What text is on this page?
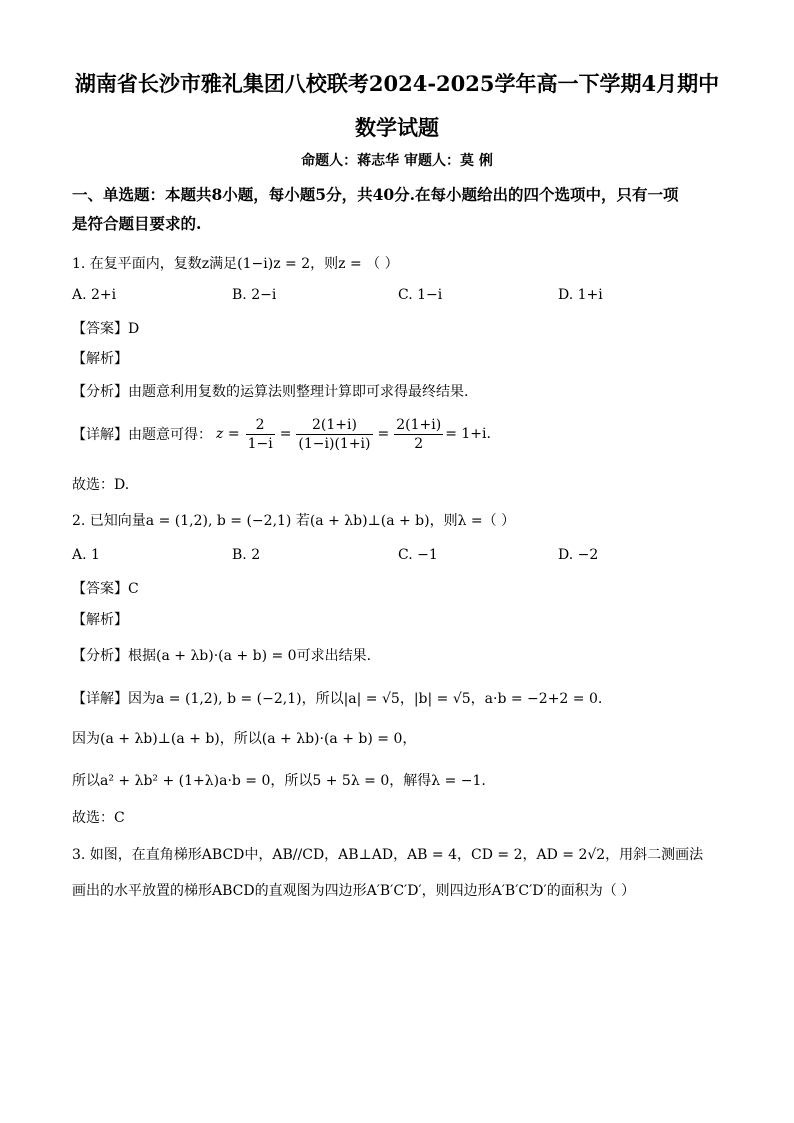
湖南省长沙市雅礼集团八校联考2024-2025学年高一下学期4月期中
数学试题
命题人：蒋志华 审题人：莫 俐
一、单选题：本题共8小题，每小题5分，共40分.在每小题给出的四个选项中，只有一项
是符合题目要求的.
1. 在复平面内，复数z满足(1−i)z = 2，则z = （ ）
A. 2+i	B. 2−i	C. 1−i	D. 1+i
【答案】D
【解析】
【分析】由题意利用复数的运算法则整理计算即可求得最终结果.
【详解】 由题意可得： $z = \frac{2}{1-i} = \frac{2(1+i)}{(1-i)(1+i)} = \frac{2(1+i)}{2} = 1+i$.
故选：D.
2. 已知向量a = (1,2), b = (−2,1) 若(a + λb)⊥(a + b)，则λ =（ ）
A. 1	B. 2	C. −1	D. −2
【答案】C
【解析】
【分析】根据(a + λb)·(a + b) = 0可求出结果.
【详解】因为a = (1,2), b = (−2,1)，所以|a| = √5，|b| = √5，a·b = −2+2 = 0.
因为(a + λb)⊥(a + b)，所以(a + λb)·(a + b) = 0，
所以a² + λb² + (1+λ)a·b = 0，所以5 + 5λ = 0，解得λ = −1.
故选：C
3. 如图，在直角梯形ABCD中，AB//CD，AB⊥AD，AB = 4，CD = 2，AD = 2√2，用斜二测画法
画出的水平放置的梯形ABCD的直观图为四边形A′B′C′D′，则四边形A′B′C′D′的面积为（ ）
